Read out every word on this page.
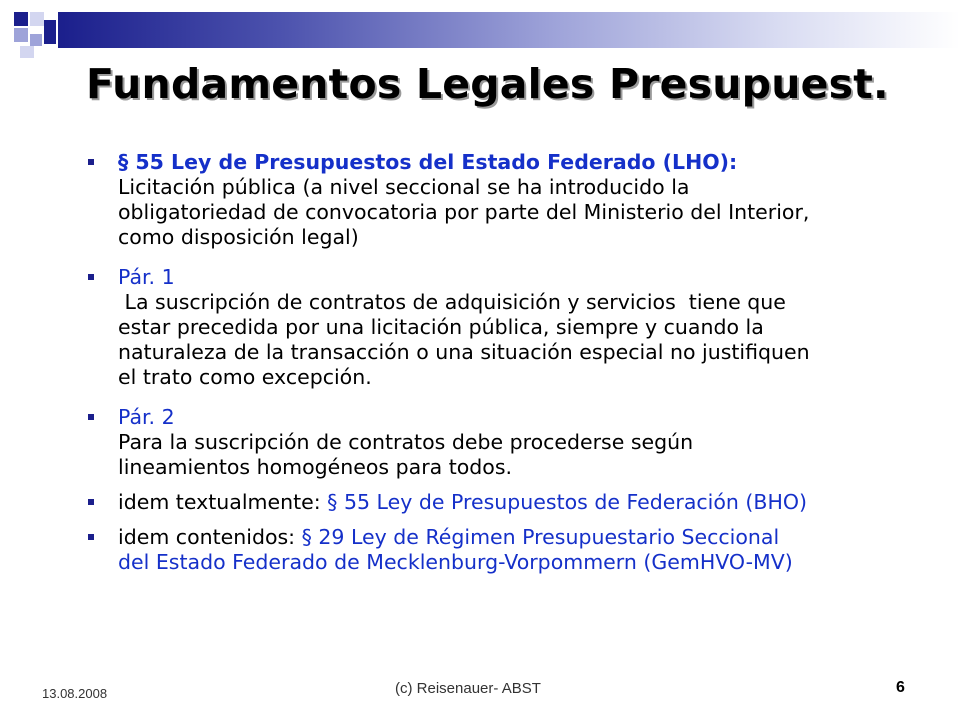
Fundamentos Legales Presupuest.
§ 55 Ley de Presupuestos del Estado Federado (LHO):
Licitación pública (a nivel seccional se ha introducido la
obligatoriedad de convocatoria por parte del Ministerio del Interior,
como disposición legal)
Pár. 1
La suscripción de contratos de adquisición y servicios  tiene que
estar precedida por una licitación pública, siempre y cuando la
naturaleza de la transacción o una situación especial no justifiquen
el trato como excepción.
Pár. 2
Para la suscripción de contratos debe procederse según
lineamientos homogéneos para todos.
idem textualmente: § 55 Ley de Presupuestos de Federación (BHO)
idem contenidos: § 29 Ley de Régimen Presupuestario Seccional
del Estado Federado de Mecklenburg-Vorpommern (GemHVO-MV)
13.08.2008	(c) Reisenauer- ABST	6
